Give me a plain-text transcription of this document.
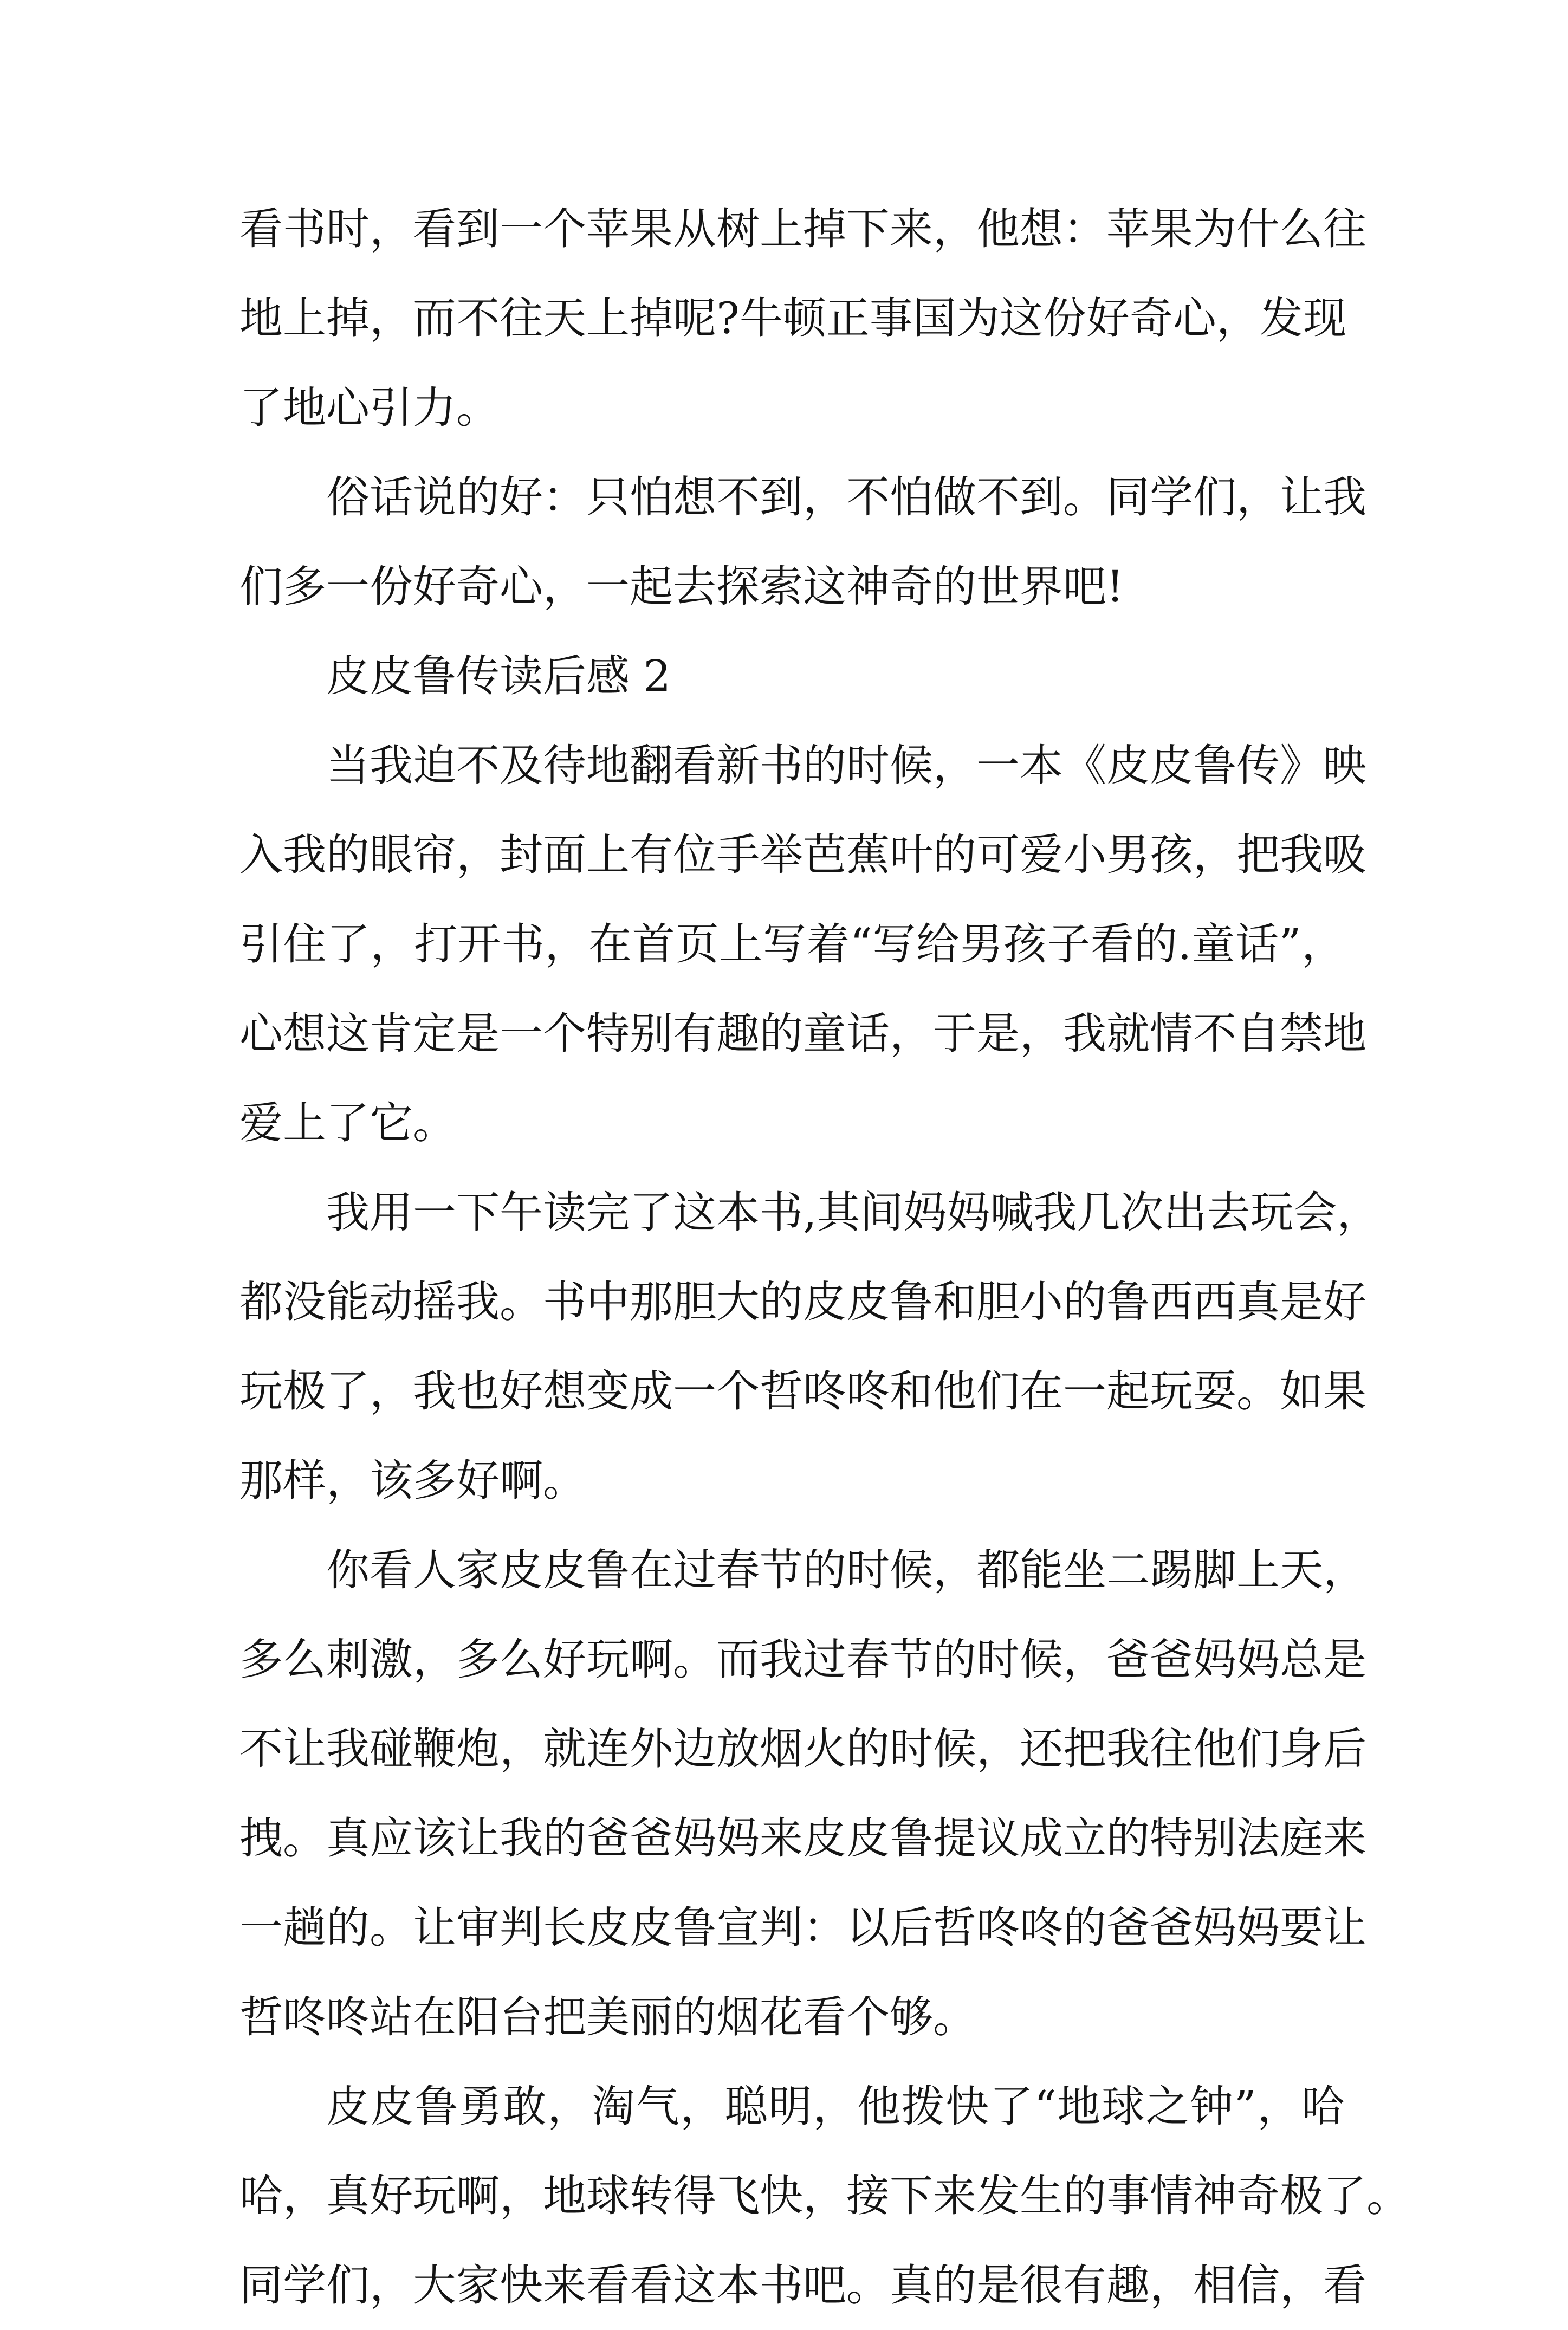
看书时，看到一个苹果从树上掉下来，他想：苹果为什么往
地上掉，而不往天上掉呢?牛顿正事国为这份好奇心，发现
了地心引力。
俗话说的好：只怕想不到，不怕做不到。同学们，让我
们多一份好奇心，一起去探索这神奇的世界吧!
皮皮鲁传读后感 2
当我迫不及待地翻看新书的时候，一本《皮皮鲁传》映
入我的眼帘，封面上有位手举芭蕉叶的可爱小男孩，把我吸
引住了，打开书，在首页上写着“写给男孩子看的.童话”，
心想这肯定是一个特别有趣的童话，于是，我就情不自禁地
爱上了它。
我用一下午读完了这本书,其间妈妈喊我几次出去玩会，
都没能动摇我。书中那胆大的皮皮鲁和胆小的鲁西西真是好
玩极了，我也好想变成一个哲咚咚和他们在一起玩耍。如果
那样，该多好啊。
你看人家皮皮鲁在过春节的时候，都能坐二踢脚上天，
多么刺激，多么好玩啊。而我过春节的时候，爸爸妈妈总是
不让我碰鞭炮，就连外边放烟火的时候，还把我往他们身后
拽。真应该让我的爸爸妈妈来皮皮鲁提议成立的特别法庭来
一趟的。让审判长皮皮鲁宣判：以后哲咚咚的爸爸妈妈要让
哲咚咚站在阳台把美丽的烟花看个够。
皮皮鲁勇敢，淘气，聪明，他拨快了“地球之钟”，哈
哈，真好玩啊，地球转得飞快，接下来发生的事情神奇极了。
同学们，大家快来看看这本书吧。真的是很有趣，相信，看
